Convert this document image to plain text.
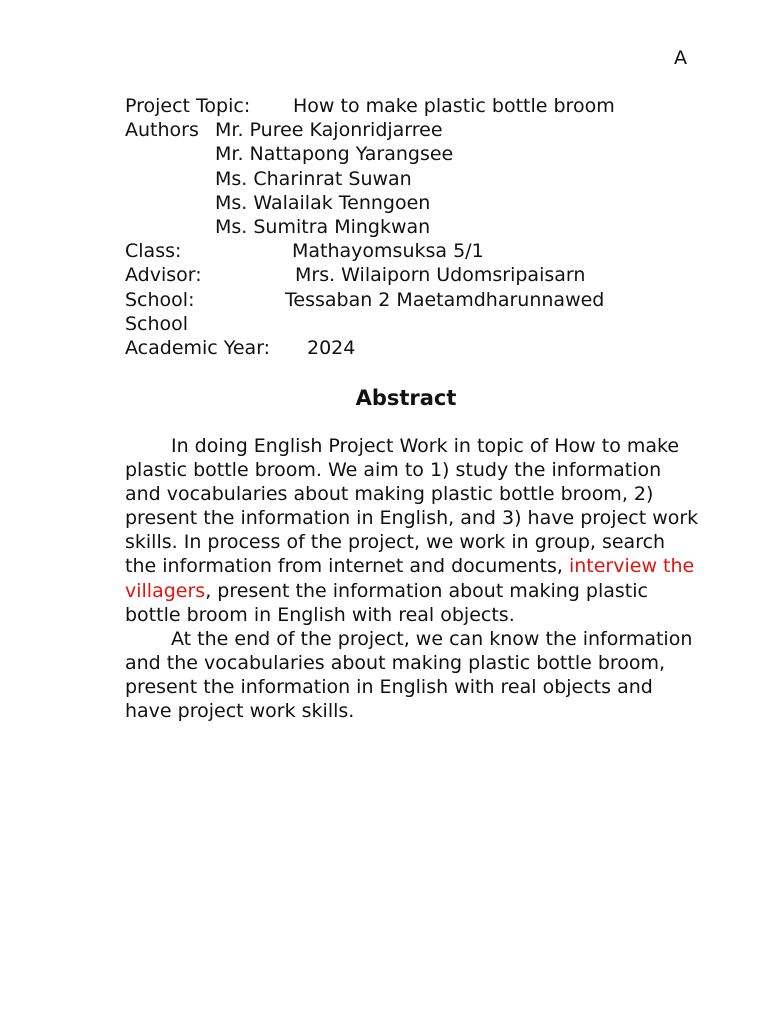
A
Project Topic: How to make plastic bottle broom
Authors Mr. Puree Kajonridjarree
Mr. Nattapong Yarangsee
Ms. Charinrat Suwan
Ms. Walailak Tenngoen
Ms. Sumitra Mingkwan
Class:	Mathayomsuksa 5/1
Advisor:	Mrs. Wilaiporn Udomsripaisarn
School:	Tessaban 2 Maetamdharunnawed
School
Academic Year: 2024
Abstract

In doing English Project Work in topic of How to make plastic bottle broom. We aim to 1) study the information and vocabularies about making plastic bottle broom, 2) present the information in English, and 3) have project work skills. In process of the project, we work in group, search the information from internet and documents, interview the villagers, present the information about making plastic bottle broom in English with real objects.

At the end of the project, we can know the information and the vocabularies about making plastic bottle broom, present the information in English with real objects and have project work skills.
